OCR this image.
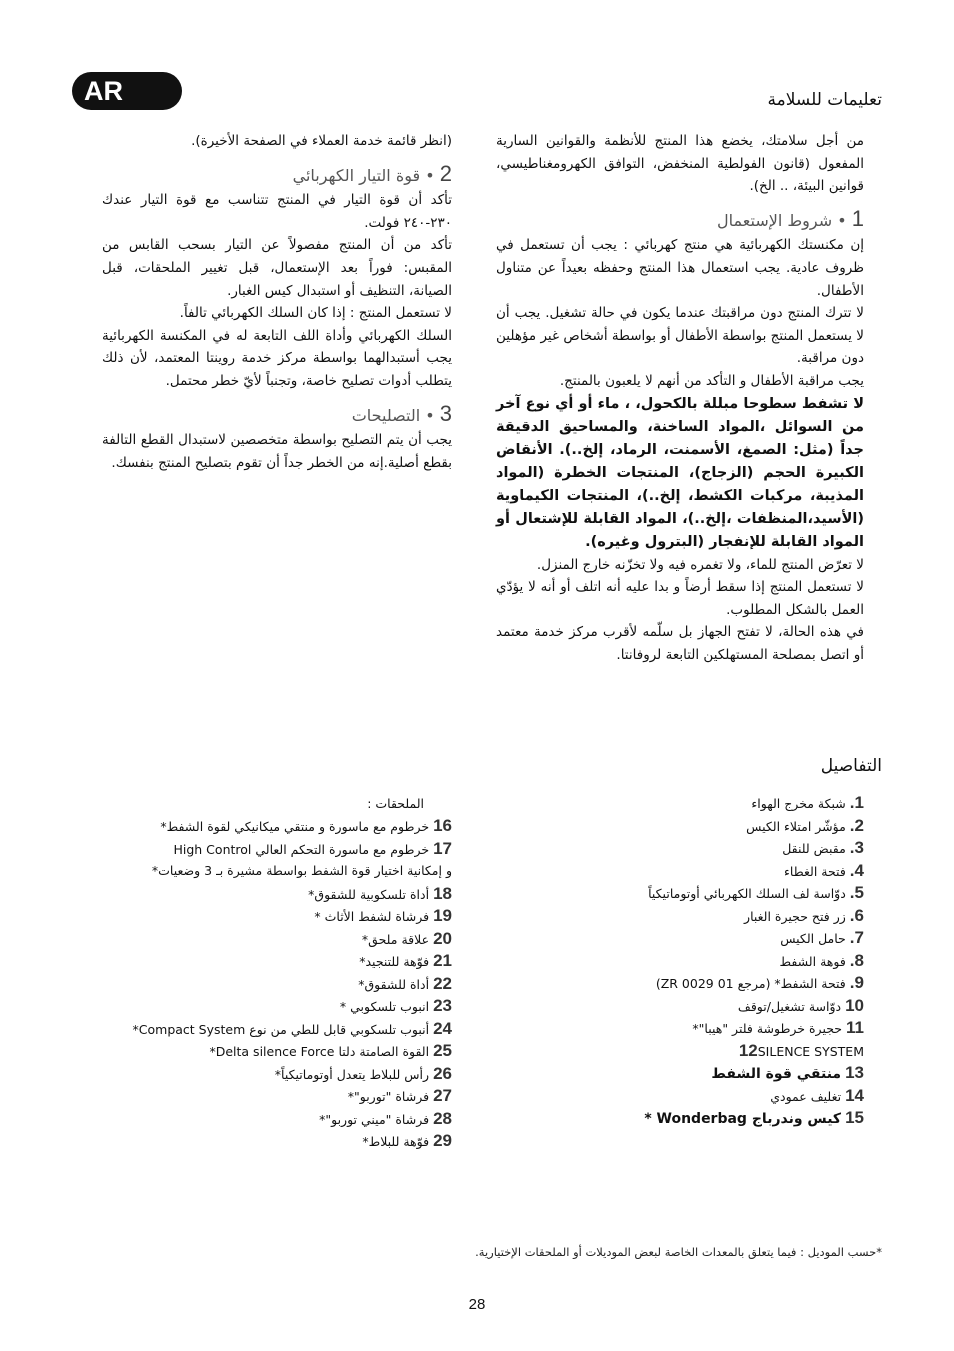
AR	تعليمات للسلامة

من أجل سلامتك، يخضع هذا المنتج للأنظمة والقوانين السارية المفعول (قانون الفولطية المنخفض، التوافق الكهرومغناطيسي، قوانين البيئة، .. الخ).

1 • شروط الإستعمال

إن مكنستك الكهربائية هي منتج كهربائي : يجب أن تستعمل في ظروف عادية. يجب استعمال هذا المنتج وحفظه بعيداً عن متناول الأطفال.

لا تترك المنتج دون مراقبتك عندما يكون في حالة تشغيل. يجب أن لا يستعمل المنتج بواسطة الأطفال أو بواسطة أشخاص غير مؤهلين دون مراقبة.

يجب مراقبة الأطفال و التأكد من أنهم لا يلعبون بالمنتج.

لا تشفط سطوحا مبللة بالكحول، ، ماء أو أي نوع آخر من السوائل ،المواد الساخنة، والمساحيق الدقيقة جداً (مثل: الصمغ، الأسمنت، الرماد، إلخ..). الأنقاض الكبيرة الحجم (الزجاج)، المنتجات الخطرة (المواد المذيبة، مركبات الكشط، إلخ..)، المنتجات الكيماوية (الأسيد،المنظفات ،إلخ..)، المواد القابلة للإشتعال أو المواد القابلة للإنفجار (البترول وغيره).

لا تعرّض المنتج للماء، ولا تغمره فيه ولا تخزّنه خارج المنزل.

لا تستعمل المنتج إذا سقط أرضاً و بدا عليه أنه اتلف أو أنه لا يؤدّي العمل بالشكل المطلوب.

في هذه الحالة، لا تفتح الجهاز بل سلّمه لأقرب مركز خدمة معتمد أو اتصل بمصلحة المستهلكين التابعة لروفانتا.

(انظر قائمة خدمة العملاء في الصفحة الأخيرة).

2 • قوة التيار الكهربائي

تأكد أن قوة التيار في المنتج تتناسب مع قوة التيار عندك ٢٣٠-٢٤٠ فولت.

تأكد من أن المنتج مفصولاً عن التيار بسحب القابس من المقبس: فوراً بعد الإستعمال، قبل تغيير الملحقات، قبل الصيانة، التنظيف أو استبدال كيس الغبار.

لا تستعمل المنتج : إذا كان السلك الكهربائي تالفاً.

السلك الكهربائي وأداة اللف التابعة له في المكنسة الكهربائية يجب أستبدالهما بواسطة مركز خدمة روينتا المعتمد، لأن ذلك يتطلب أدوات تصليح خاصة، وتجنباً لأيّ خطر محتمل.

3 • التصليحات

يجب أن يتم التصليح بواسطة متخصصين لاستبدال القطع التالفة بقطع أصلية.إنه من الخطر جداً أن تقوم بتصليح المنتج بنفسك.

التفاصيل
1.شبكة مخرج الهواء
2.مؤشّر امتلاء الكيس
3.مقبض للنقل
4.فتحة الغطاء
5.دوّاسة لف السلك الكهربائي أوتوماتيكياً
6.زر فتح حجيرة الغبار
7.حامل الكيس
8.فوهة الشفط
9.فتحة الشفط* (مرجع ZR 0029 01)
10دوّاسة تشغيل/توقف
11حجيرة خرطوشة فلتر "هيبا"*
12SILENCE SYSTEM
13منتقي قوة الشفط
14تغليف عمودي
15كيس وندرباج Wonderbag *
الملحقات :
16خرطوم مع ماسورة و منتقي ميكانيكي لقوة الشفط*
17خرطوم مع ماسورة التحكم العالي High Control
و إمكانية اختيار قوة الشفط بواسطة مشيرة بـ 3 وضعيات*
18أداة تلسكوبية للشقوق*
19فرشاة لشفط الأثاث *
20علاقة ملحق*
21فوّهة للتنجيد*
22أداة للشقوق*
23انبوب تلسكوبي *
24أنبوب تلسكوبي قابل للطي من نوع Compact System*
25القوة الصامتة دلتا Delta silence Force*
26رأس للبلاط يتعدل أوتوماتيكياً*
27فرشاة "توربو"*
28فرشاة "ميني توربو"*
29فوّهة للبلاط*
*حسب الموديل : فيما يتعلق بالمعدات الخاصة لبعض الموديلات أو الملحقات الإختيارية.
28
